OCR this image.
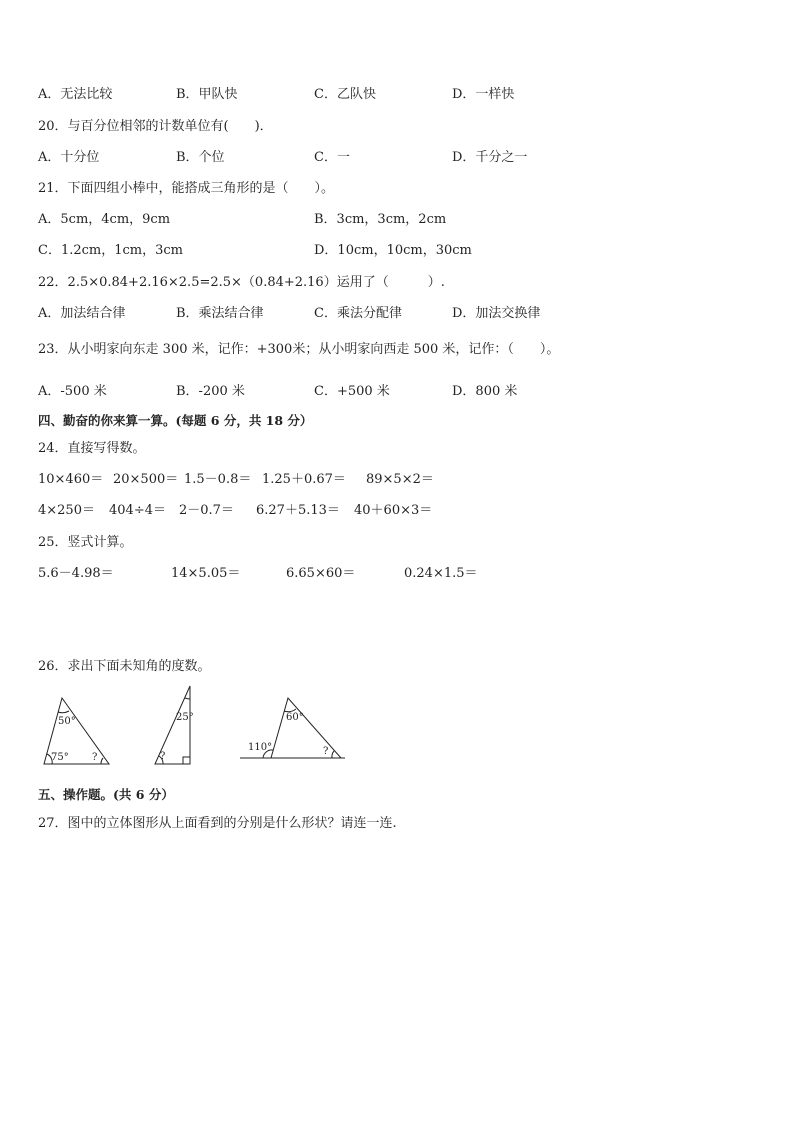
A．无法比较	B．甲队快	C．乙队快	D．一样快
20．与百分位相邻的计数单位有(　　)．
A．十分位	B．个位	C．一	D．千分之一
21．下面四组小棒中，能搭成三角形的是（　　）。
A．5cm，4cm，9cm	B．3cm，3cm，2cm
C．1.2cm，1cm，3cm	D．10cm，10cm，30cm
22．2.5×0.84+2.16×2.5=2.5×（0.84+2.16）运用了（　　　）.
A．加法结合律	B．乘法结合律	C．乘法分配律	D．加法交换律
23．从小明家向东走 300 米，记作：+300米；从小明家向西走 500 米，记作：（　　）。
A．-500 米	B．-200 米	C．+500 米	D．800 米
四、勤奋的你来算一算。(每题 6 分，共 18 分）
24．直接写得数。
10×460＝ 20×500＝ 1.5－0.8＝ 1.25＋0.67＝ 89×5×2＝
4×250＝ 404÷4＝ 2－0.7＝ 6.27＋5.13＝ 40＋60×3＝
25．竖式计算。
5.6－4.98＝	14×5.05＝	6.65×60＝	0.24×1.5＝
26．求出下面未知角的度数。
50°
75° ?
25°
?
60°
110°	?
五、操作题。(共 6 分）
27．图中的立体图形从上面看到的分别是什么形状？请连一连.
